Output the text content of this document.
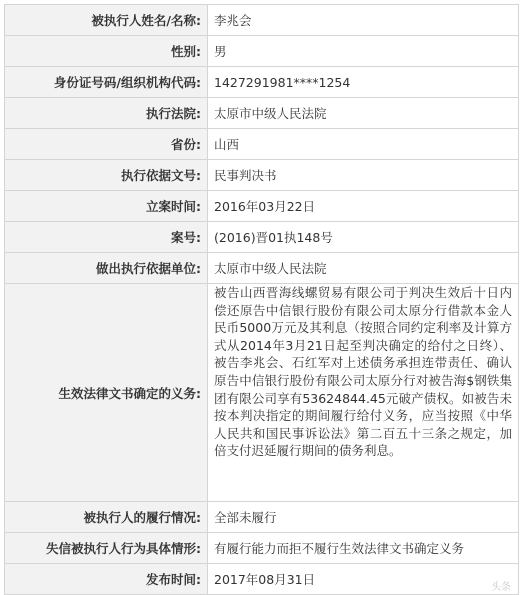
被执行人姓名/名称:	李兆会
性别:	男
身份证号码/组织机构代码:	1427291981****1254
执行法院:	太原市中级人民法院
省份:	山西
执行依据文号:	民事判决书
立案时间:	2016年03月22日
案号:	(2016)晋01执148号
做出执行依据单位:	太原市中级人民法院
生效法律文书确定的义务:	被告山西晋海线螺贸易有限公司于判决生效后十日内偿还原告中信银行股份有限公司太原分行借款本金人民币5000万元及其利息（按照合同约定利率及计算方式从2014年3月21日起至判决确定的给付之日终）、被告李兆会、石红军对上述债务承担连带责任、确认原告中信银行股份有限公司太原分行对被告海$钢铁集团有限公司享有53624844.45元破产债权。如被告未按本判决指定的期间履行给付义务，应当按照《中华人民共和国民事诉讼法》第二百五十三条之规定，加倍支付迟延履行期间的债务利息。
被执行人的履行情况:	全部未履行
失信被执行人行为具体情形:	有履行能力而拒不履行生效法律文书确定义务
发布时间:	2017年08月31日
头条
